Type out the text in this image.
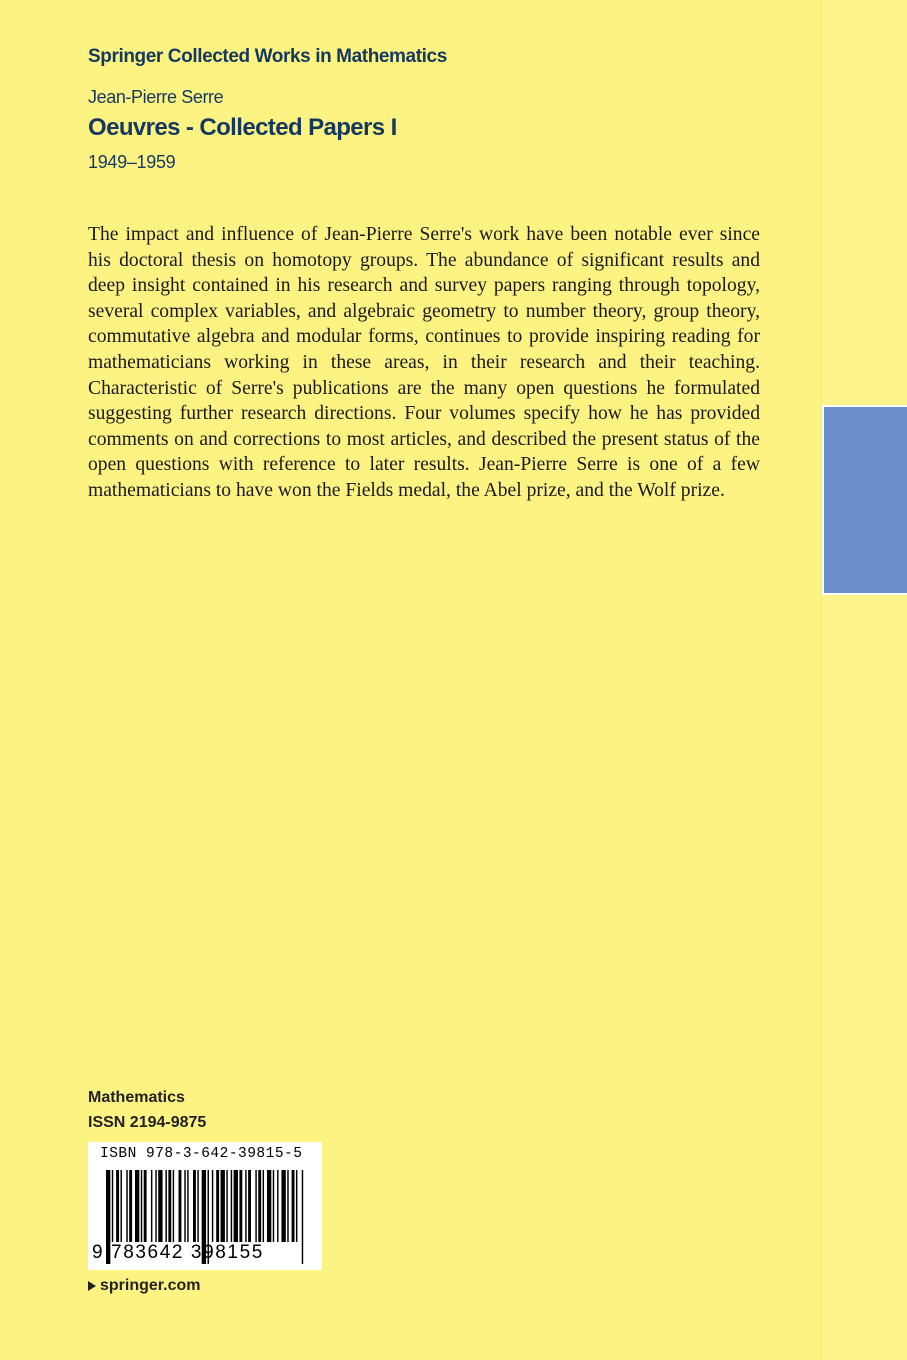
Springer Collected Works in Mathematics
Jean-Pierre Serre
Oeuvres - Collected Papers I
1949–1959

The impact and influence of Jean-Pierre Serre's work have been notable ever since his doctoral thesis on homotopy groups. The abundance of significant results and deep insight contained in his research and survey papers ranging through topology, several complex variables, and algebraic geometry to number theory, group theory, commutative algebra and modular forms, continues to provide inspiring reading for mathematicians working in these areas, in their research and their teaching. Characteristic of Serre's publications are the many open questions he formulated suggesting further research directions. Four volumes specify how he has provided comments on and corrections to most articles, and described the present status of the open questions with reference to later results. Jean-Pierre Serre is one of a few mathematicians to have won the Fields medal, the Abel prize, and the Wolf prize.

Mathematics
ISSN 2194-9875
ISBN 978-3-642-39815-5
9 783642 398155
springer.com
